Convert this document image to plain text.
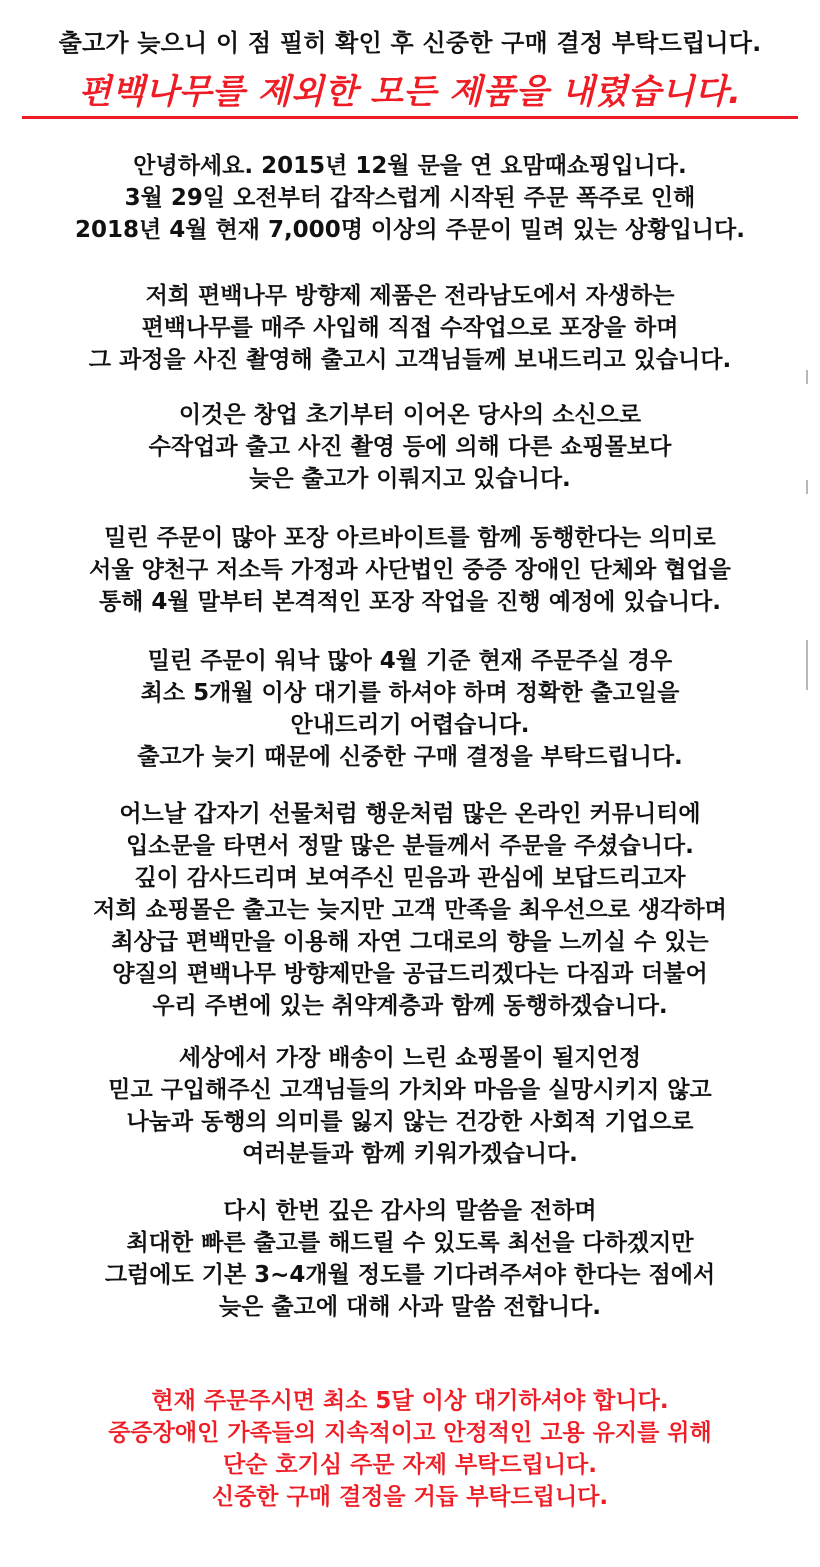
출고가 늦으니 이 점 필히 확인 후 신중한 구매 결정 부탁드립니다.
편백나무를 제외한 모든 제품을 내렸습니다.
안녕하세요. 2015년 12월 문을 연 요맘때쇼핑입니다.
3월 29일 오전부터 갑작스럽게 시작된 주문 폭주로 인해
2018년 4월 현재 7,000명 이상의 주문이 밀려 있는 상황입니다.
저희 편백나무 방향제 제품은 전라남도에서 자생하는
편백나무를 매주 사입해 직접 수작업으로 포장을 하며
그 과정을 사진 촬영해 출고시 고객님들께 보내드리고 있습니다.
이것은 창업 초기부터 이어온 당사의 소신으로
수작업과 출고 사진 촬영 등에 의해 다른 쇼핑몰보다
늦은 출고가 이뤄지고 있습니다.
밀린 주문이 많아 포장 아르바이트를 함께 동행한다는 의미로
서울 양천구 저소득 가정과 사단법인 중증 장애인 단체와 협업을
통해 4월 말부터 본격적인 포장 작업을 진행 예정에 있습니다.
밀린 주문이 워낙 많아 4월 기준 현재 주문주실 경우
최소 5개월 이상 대기를 하셔야 하며 정확한 출고일을
안내드리기 어렵습니다.
출고가 늦기 때문에 신중한 구매 결정을 부탁드립니다.
어느날 갑자기 선물처럼 행운처럼 많은 온라인 커뮤니티에
입소문을 타면서 정말 많은 분들께서 주문을 주셨습니다.
깊이 감사드리며 보여주신 믿음과 관심에 보답드리고자
저희 쇼핑몰은 출고는 늦지만 고객 만족을 최우선으로 생각하며
최상급 편백만을 이용해 자연 그대로의 향을 느끼실 수 있는
양질의 편백나무 방향제만을 공급드리겠다는 다짐과 더불어
우리 주변에 있는 취약계층과 함께 동행하겠습니다.
세상에서 가장 배송이 느린 쇼핑몰이 될지언정
믿고 구입해주신 고객님들의 가치와 마음을 실망시키지 않고
나눔과 동행의 의미를 잃지 않는 건강한 사회적 기업으로
여러분들과 함께 키워가겠습니다.
다시 한번 깊은 감사의 말씀을 전하며
최대한 빠른 출고를 해드릴 수 있도록 최선을 다하겠지만
그럼에도 기본 3~4개월 정도를 기다려주셔야 한다는 점에서
늦은 출고에 대해 사과 말씀 전합니다.
현재 주문주시면 최소 5달 이상 대기하셔야 합니다.
중증장애인 가족들의 지속적이고 안정적인 고용 유지를 위해
단순 호기심 주문 자제 부탁드립니다.
신중한 구매 결정을 거듭 부탁드립니다.
